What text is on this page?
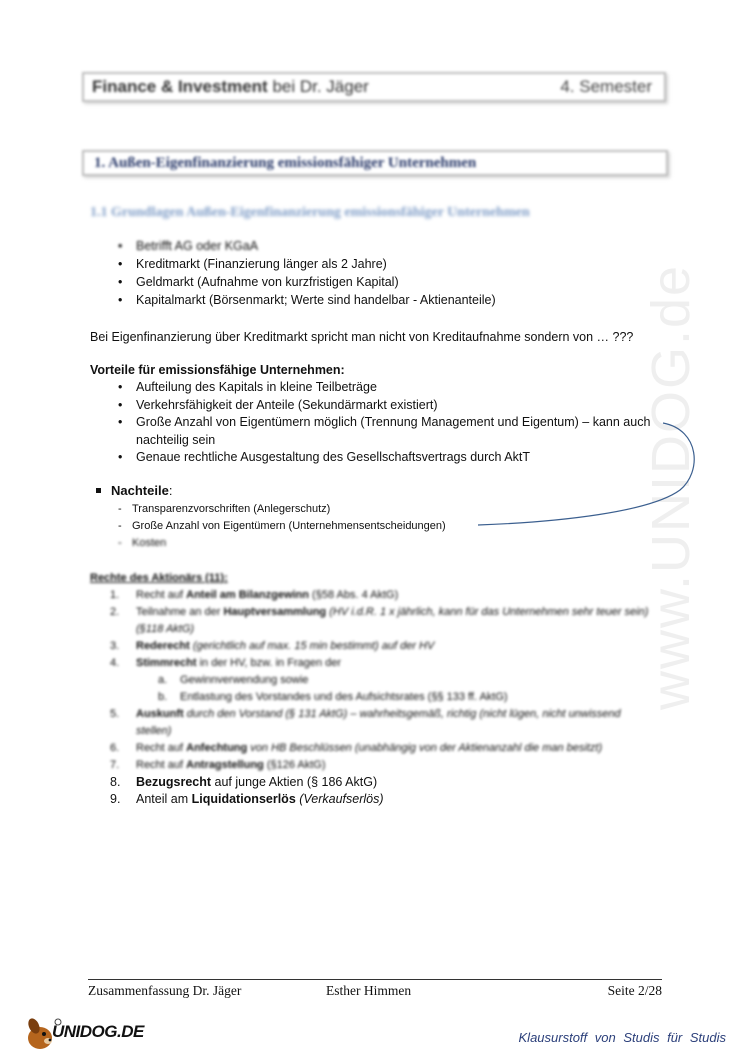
www.UNIDOG.de
Finance & Investment bei Dr. Jäger	4. Semester
1. Außen-Eigenfinanzierung emissionsfähiger Unternehmen
1.1 Grundlagen Außen-Eigenfinanzierung emissionsfähiger Unternehmen
• Betrifft AG oder KGaA
• Kreditmarkt (Finanzierung länger als 2 Jahre)
• Geldmarkt (Aufnahme von kurzfristigen Kapital)
• Kapitalmarkt (Börsenmarkt; Werte sind handelbar - Aktienanteile)
Bei Eigenfinanzierung über Kreditmarkt spricht man nicht von Kreditaufnahme sondern von … ???
Vorteile für emissionsfähige Unternehmen:
• Aufteilung des Kapitals in kleine Teilbeträge
• Verkehrsfähigkeit der Anteile (Sekundärmarkt existiert)
• Große Anzahl von Eigentümern möglich (Trennung Management und Eigentum) – kann auch nachteilig sein
• Genaue rechtliche Ausgestaltung des Gesellschaftsvertrags durch AktT
Nachteile:
- Transparenzvorschriften (Anlegerschutz)
- Große Anzahl von Eigentümern (Unternehmensentscheidungen)
- Kosten
Rechte des Aktionärs (11):
1.	Recht auf Anteil am Bilanzgewinn (§58 Abs. 4 AktG)
2.	Teilnahme an der Hauptversammlung (HV i.d.R. 1 x jährlich, kann für das Unternehmen sehr teuer sein) (§118 AktG)
3.	Rederecht (gerichtlich auf max. 15 min bestimmt) auf der HV
4.	Stimmrecht in der HV, bzw. in Fragen der
a.	Gewinnverwendung sowie
b.	Entlastung des Vorstandes und des Aufsichtsrates (§§ 133 ff. AktG)
5.	Auskunft durch den Vorstand (§ 131 AktG) – wahrheitsgemäß, richtig (nicht lügen, nicht unwissend stellen)
6.	Recht auf Anfechtung von HB Beschlüssen (unabhängig von der Aktienanzahl die man besitzt)
7.	Recht auf Antragstellung (§126 AktG)
8.	Bezugsrecht auf junge Aktien (§ 186 AktG)
9.	Anteil am Liquidationserlös (Verkaufserlös)
Zusammenfassung Dr. Jäger	Esther Himmen	Seite 2/28
UNIDOG.DE	Klausurstoff von Studis für Studis
